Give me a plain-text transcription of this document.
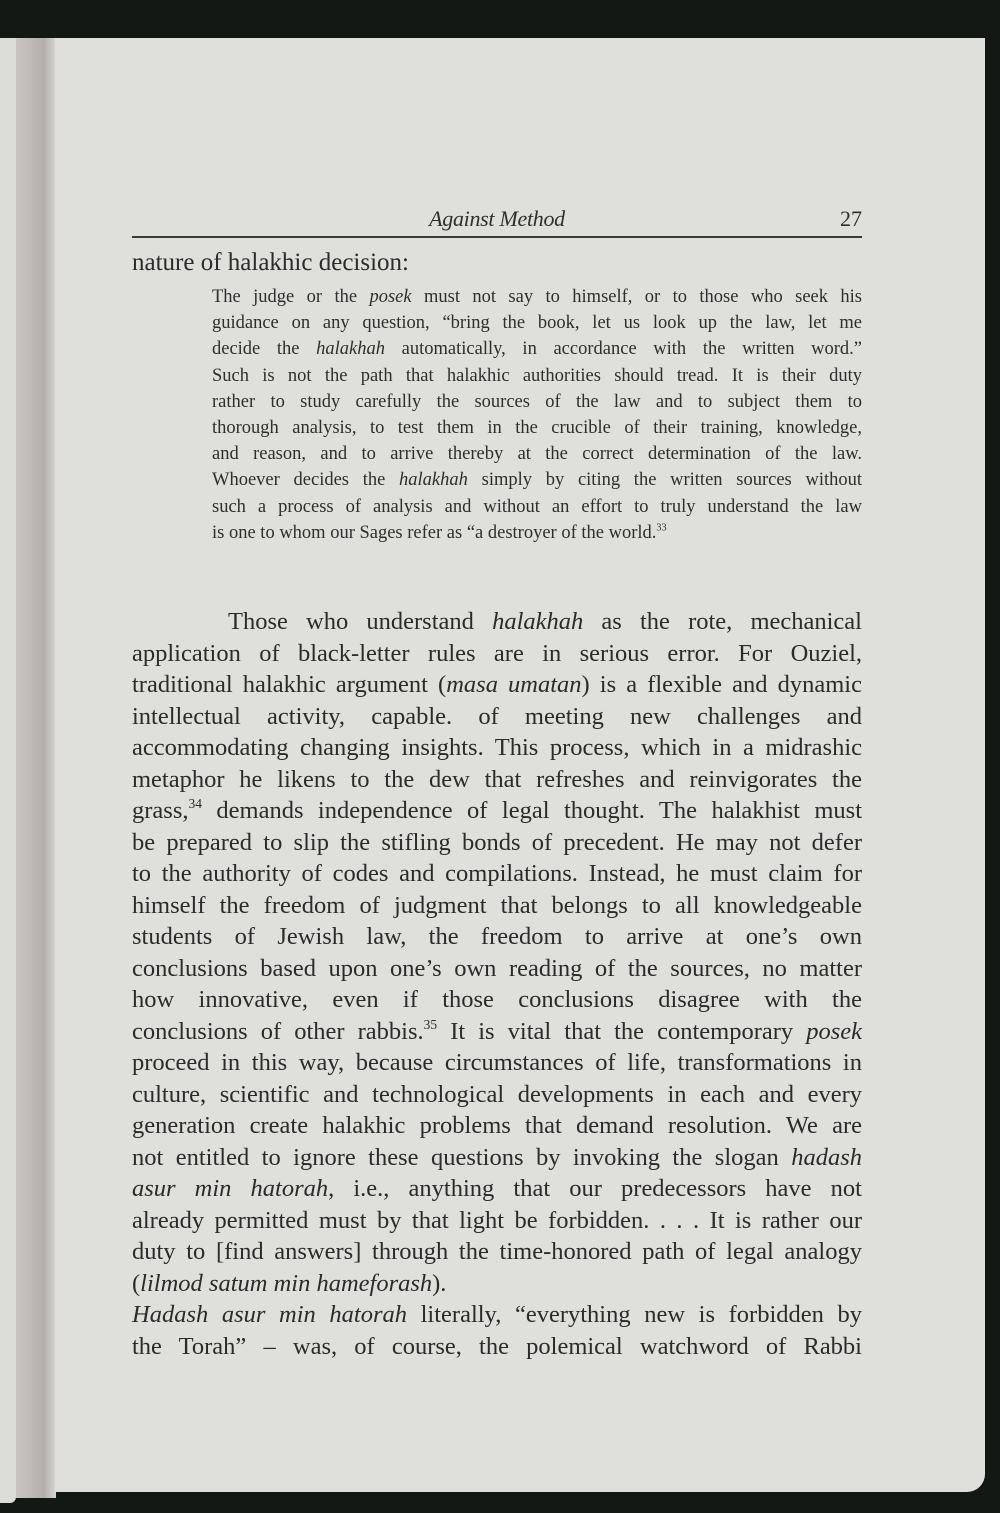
Against Method	27
nature of halakhic decision:
The judge or the posek must not say to himself, or to those who seek his
guidance on any question, “bring the book, let us look up the law, let me
decide the halakhah automatically, in accordance with the written word.”
Such is not the path that halakhic authorities should tread. It is their duty
rather to study carefully the sources of the law and to subject them to
thorough analysis, to test them in the crucible of their training, knowledge,
and reason, and to arrive thereby at the correct determination of the law.
Whoever decides the halakhah simply by citing the written sources without
such a process of analysis and without an effort to truly understand the law
is one to whom our Sages refer as “a destroyer of the world.$^{33}$
Those who understand halakhah as the rote, mechanical
application of black-letter rules are in serious error. For Ouziel,
traditional halakhic argument (masa umatan) is a flexible and dynamic
intellectual activity, capable. of meeting new challenges and
accommodating changing insights. This process, which in a midrashic
metaphor he likens to the dew that refreshes and reinvigorates the
grass,$^{34}$ demands independence of legal thought. The halakhist must
be prepared to slip the stifling bonds of precedent. He may not defer
to the authority of codes and compilations. Instead, he must claim for
himself the freedom of judgment that belongs to all knowledgeable
students of Jewish law, the freedom to arrive at one’s own
conclusions based upon one’s own reading of the sources, no matter
how innovative, even if those conclusions disagree with the
conclusions of other rabbis.$^{35}$ It is vital that the contemporary posek
proceed in this way, because circumstances of life, transformations in
culture, scientific and technological developments in each and every
generation create halakhic problems that demand resolution. We are
not entitled to ignore these questions by invoking the slogan hadash
asur min hatorah, i.e., anything that our predecessors have not
already permitted must by that light be forbidden. . . . It is rather our
duty to [find answers] through the time-honored path of legal analogy
(lilmod satum min hameforash).
Hadash asur min hatorah literally, “everything new is forbidden by
the Torah” – was, of course, the polemical watchword of Rabbi
